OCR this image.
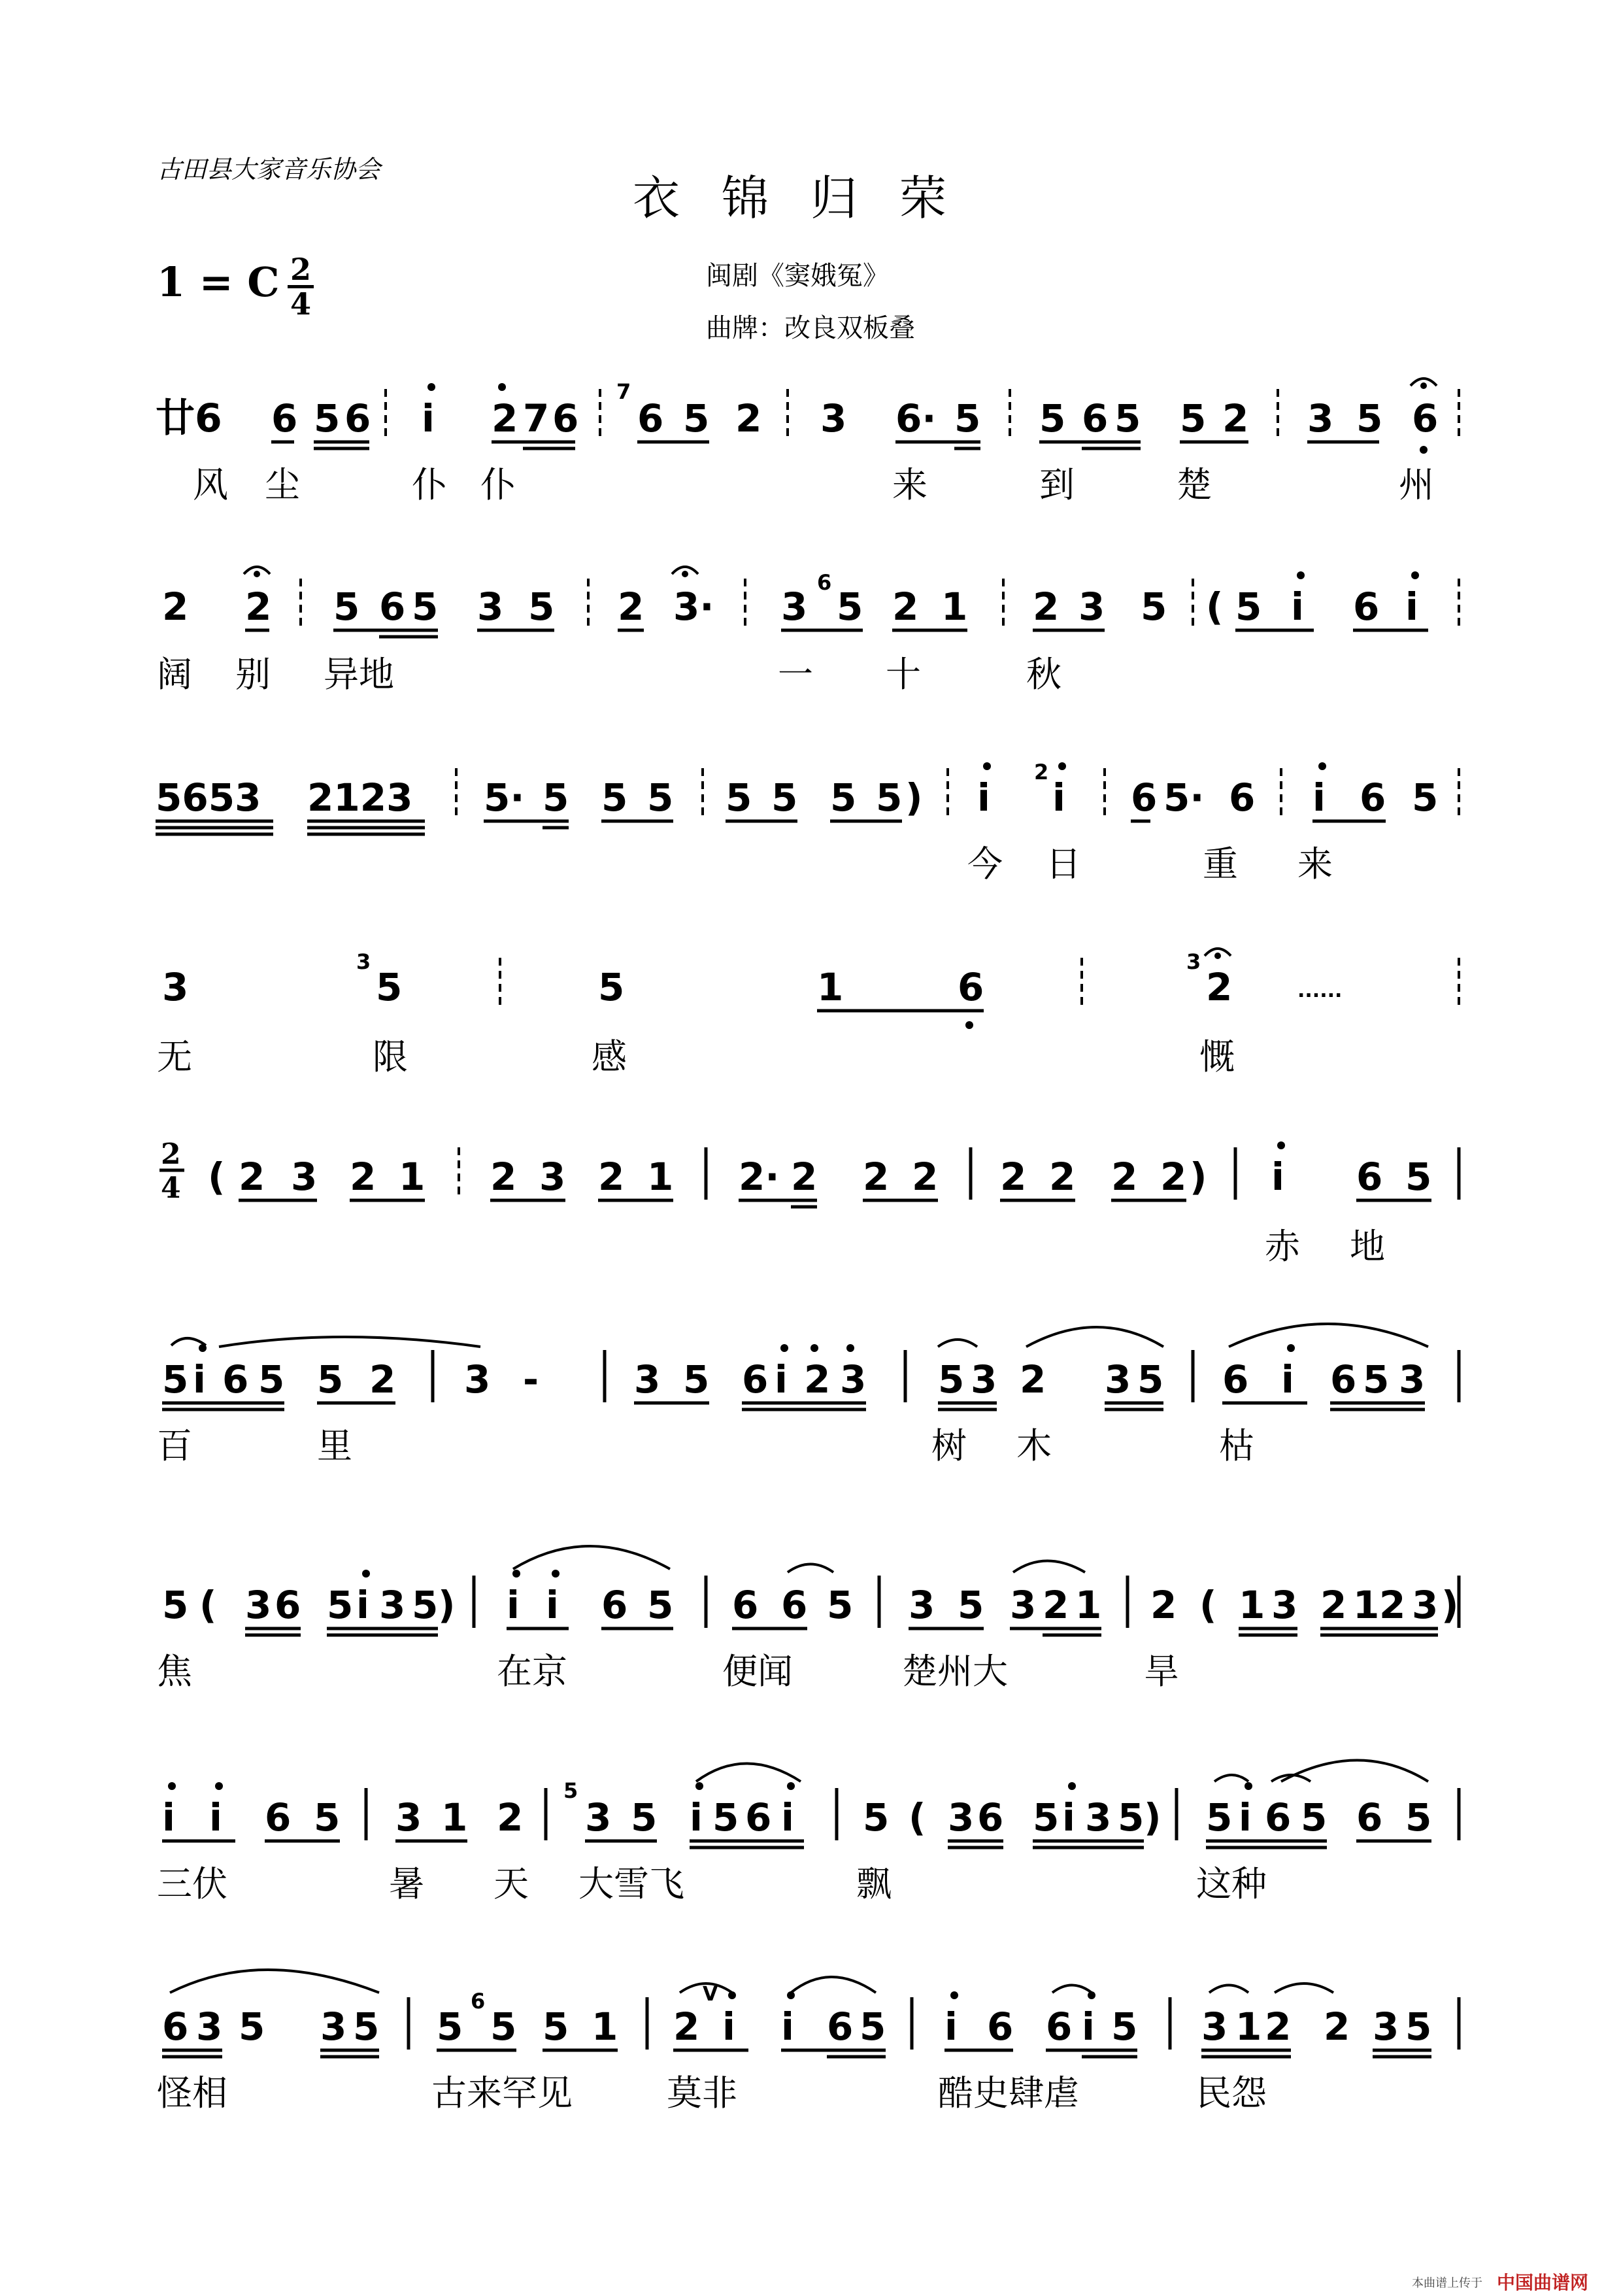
古田县大家音乐协会
衣锦归荣
闽剧《窦娥冤》
曲牌：改良双板叠
1 = C 2
4
廿6 6 5 6 i 2 7 6
7
6 5 2 3 6· 5 5 6 5 5 2 3 5 6
2 2 5 6 5 3 5 2 3· 3
6
5 2 1 2 3 5 ( 5 i 6 i
5653 2123 5· 5 5 5 5 5 5 5 ) i
2
i 6 5· 6 i 6 5
3
3
5	5	1	6
3
2	......
2
4 ( 2 3 2 1 2 3 2 1 2· 2 2 2 2 2 2 2 ) i 6 5
5 i 6 5 5 2 3 -	3 5 6 i 2 3 5 3 2 3 5 6 i 6 5 3
5 ( 3 6 5 i 3 5 ) i i 6 5 6 6 5 3 5 3 2 1 2 ( 1 3 2 1 2 3 )
i i 6 5 3 1 2
5
3 5 i 5 6 i 5 ( 3 6 5 i 3 5 ) 5 i 6 5 6 5
6 3 5 3 5 5
6
5 5 1 2
V
i i 6 5 i 6 6 i 5 3 1 2 2 3 5
风 尘	仆 仆	来	到	楚	州
阔 别 异地	一 十	秋
今 日	重 来
无	限	感	慨
赤 地
百	里	树 木	枯
焦	在京	便闻	楚州大	旱
三伏	暑 天 大雪飞	飘	这种
怪相	古来罕见	莫非	酷史肆虐	民怨
本曲谱上传于 中国曲谱网
